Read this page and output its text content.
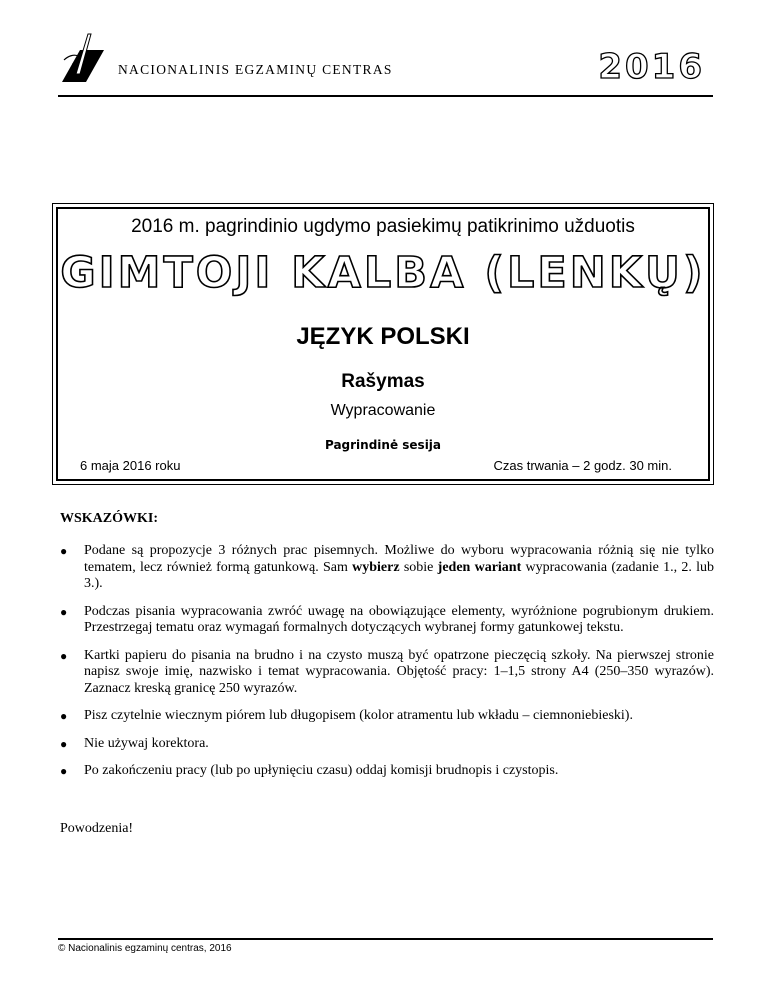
NACIONALINIS EGZAMINŲ CENTRAS	2016
2016 m. pagrindinio ugdymo pasiekimų patikrinimo užduotis
GIMTOJI KALBA (LENKŲ)
JĘZYK POLSKI
Rašymas
Wypracowanie
Pagrindinė sesija
6 maja 2016 roku	Czas trwania – 2 godz. 30 min.
WSKAZÓWKI:
● Podane są propozycje 3 różnych prac pisemnych. Możliwe do wyboru wypracowania różnią się nie tylko tematem, lecz również formą gatunkową. Sam wybierz sobie jeden wariant wypracowania (zadanie 1., 2. lub 3.).
● Podczas pisania wypracowania zwróć uwagę na obowiązujące elementy, wyróżnione pogrubionym drukiem. Przestrzegaj tematu oraz wymagań formalnych dotyczących wybranej formy gatunkowej tekstu.
● Kartki papieru do pisania na brudno i na czysto muszą być opatrzone pieczęcią szkoły. Na pierwszej stronie napisz swoje imię, nazwisko i temat wypracowania. Objętość pracy: 1–1,5 strony A4 (250–350 wyrazów). Zaznacz kreską granicę 250 wyrazów.
● Pisz czytelnie wiecznym piórem lub długopisem (kolor atramentu lub wkładu – ciemnoniebieski).
● Nie używaj korektora.
● Po zakończeniu pracy (lub po upłynięciu czasu) oddaj komisji brudnopis i czystopis.
Powodzenia!
© Nacionalinis egzaminų centras, 2016
